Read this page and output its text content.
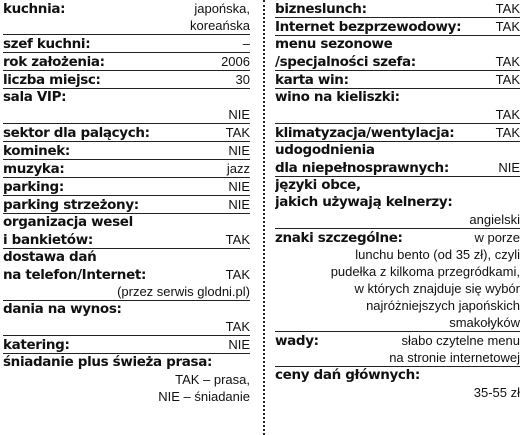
kuchnia:	japońska,
koreańska
szef kuchni:	–
rok założenia:	2006
liczba miejsc:	30
sala VIP:
NIE
sektor dla palących:	TAK
kominek:	NIE
muzyka:	jazz
parking:	NIE
parking strzeżony:	NIE
organizacja wesel
i bankietów:	TAK
dostawa dań
na telefon/Internet:	TAK
(przez serwis glodni.pl)
dania na wynos:
TAK
katering:	NIE
śniadanie plus świeża prasa:
TAK – prasa,
NIE – śniadanie
bizneslunch:	TAK
Internet bezprzewodowy:	TAK
menu sezonowe
/specjalności szefa:	TAK
karta win:	TAK
wino na kieliszki:
TAK
klimatyzacja/wentylacja:	TAK
udogodnienia
dla niepełnosprawnych:	NIE
języki obce,
jakich używają kelnerzy:
angielski
znaki szczególne:	w porze
lunchu bento (od 35 zł), czyli
pudełka z kilkoma przegródkami,
w których znajduje się wybór
najróżniejszych japońskich
smakołyków
wady:	słabo czytelne menu
na stronie internetowej
ceny dań głównych:
35-55 zł
